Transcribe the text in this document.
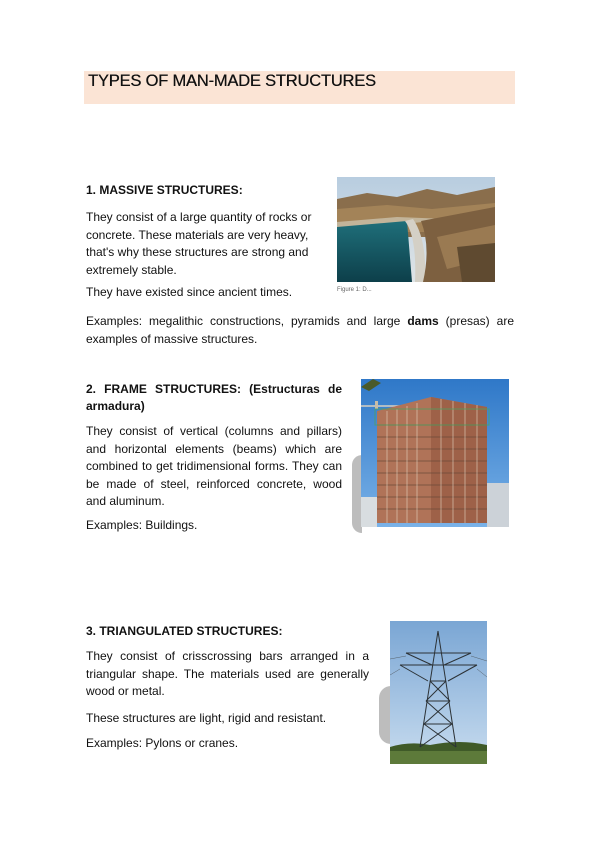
TYPES OF MAN-MADE STRUCTURES
1. MASSIVE STRUCTURES:

They consist of a large quantity of rocks or concrete. These materials are very heavy, that's why these structures are strong and extremely stable.

They have existed since ancient times.	Figure 1: D...

Examples: megalithic constructions, pyramids and large dams (presas) are examples of massive structures.

2. FRAME STRUCTURES: (Estructuras de armadura)

They consist of vertical (columns and pillars) and horizontal elements (beams) which are combined to get tridimensional forms. They can be made of steel, reinforced concrete, wood and aluminum.

Examples: Buildings.

3. TRIANGULATED STRUCTURES:

They consist of crisscrossing bars arranged in a triangular shape. The materials used are generally wood or metal.

These structures are light, rigid and resistant.

Examples: Pylons or cranes.
